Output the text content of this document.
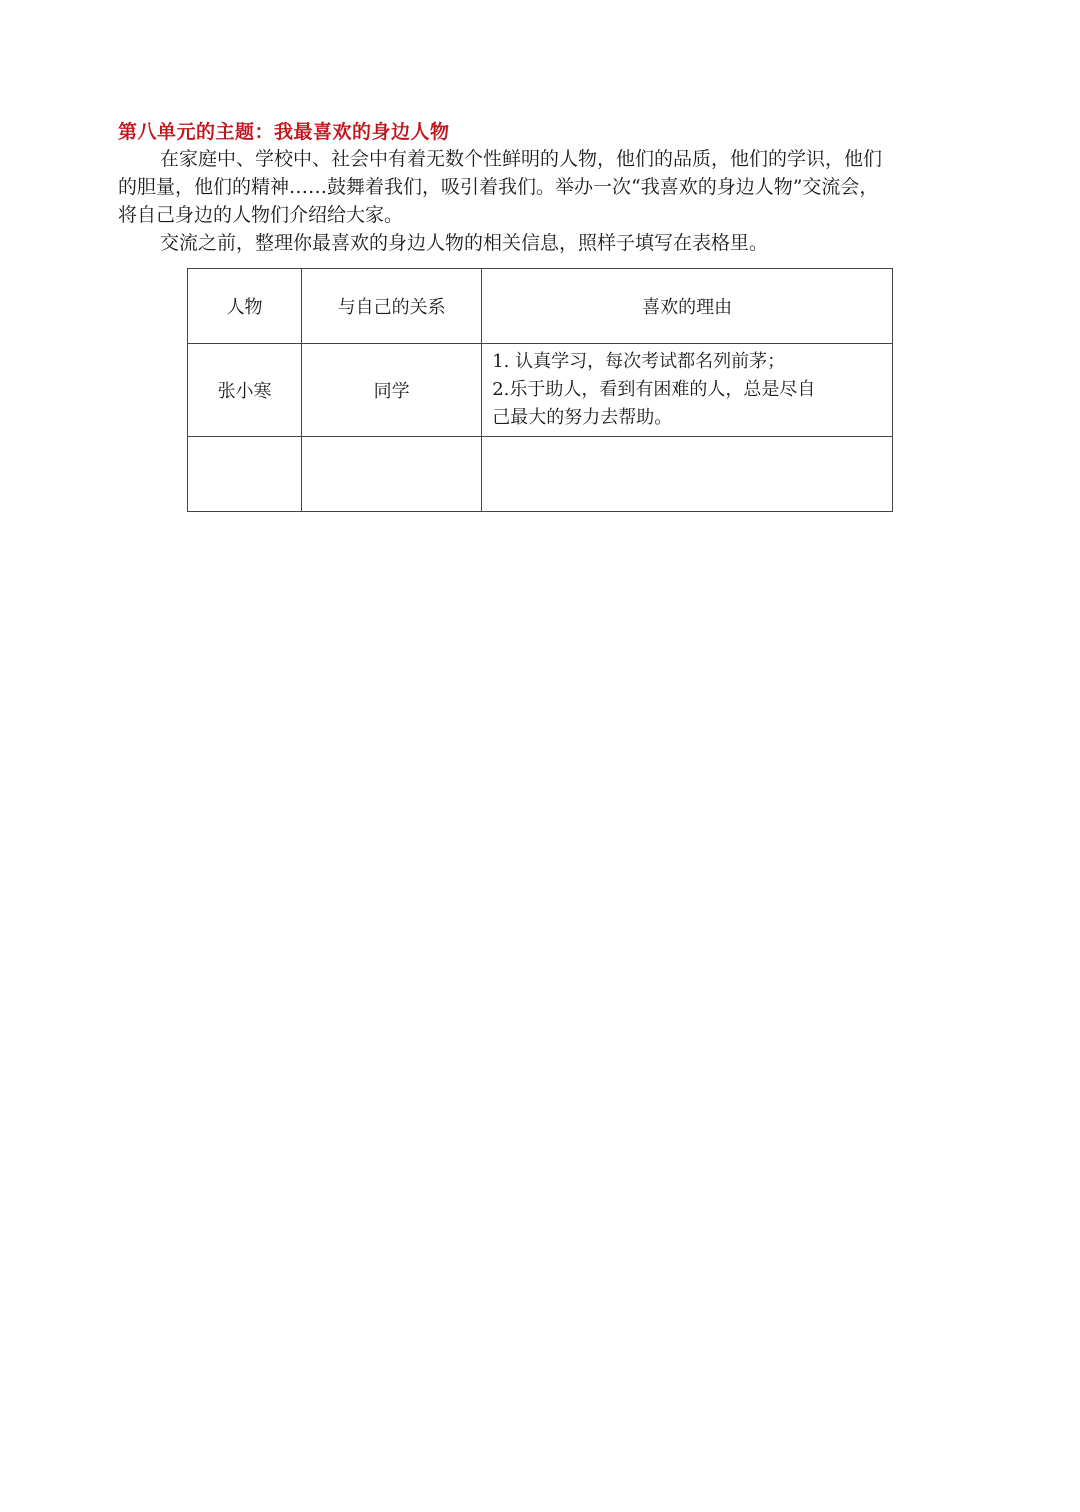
第八单元的主题：我最喜欢的身边人物
在家庭中、学校中、社会中有着无数个性鲜明的人物，他们的品质，他们的学识，他们
的胆量，他们的精神……鼓舞着我们，吸引着我们。举办一次“我喜欢的身边人物”交流会，
将自己身边的人物们介绍给大家。
交流之前，整理你最喜欢的身边人物的相关信息，照样子填写在表格里。
人物	与自己的关系	喜欢的理由
张小寒	同学	1. 认真学习，每次考试都名列前茅；
2.乐于助人，看到有困难的人，总是尽自
己最大的努力去帮助。
